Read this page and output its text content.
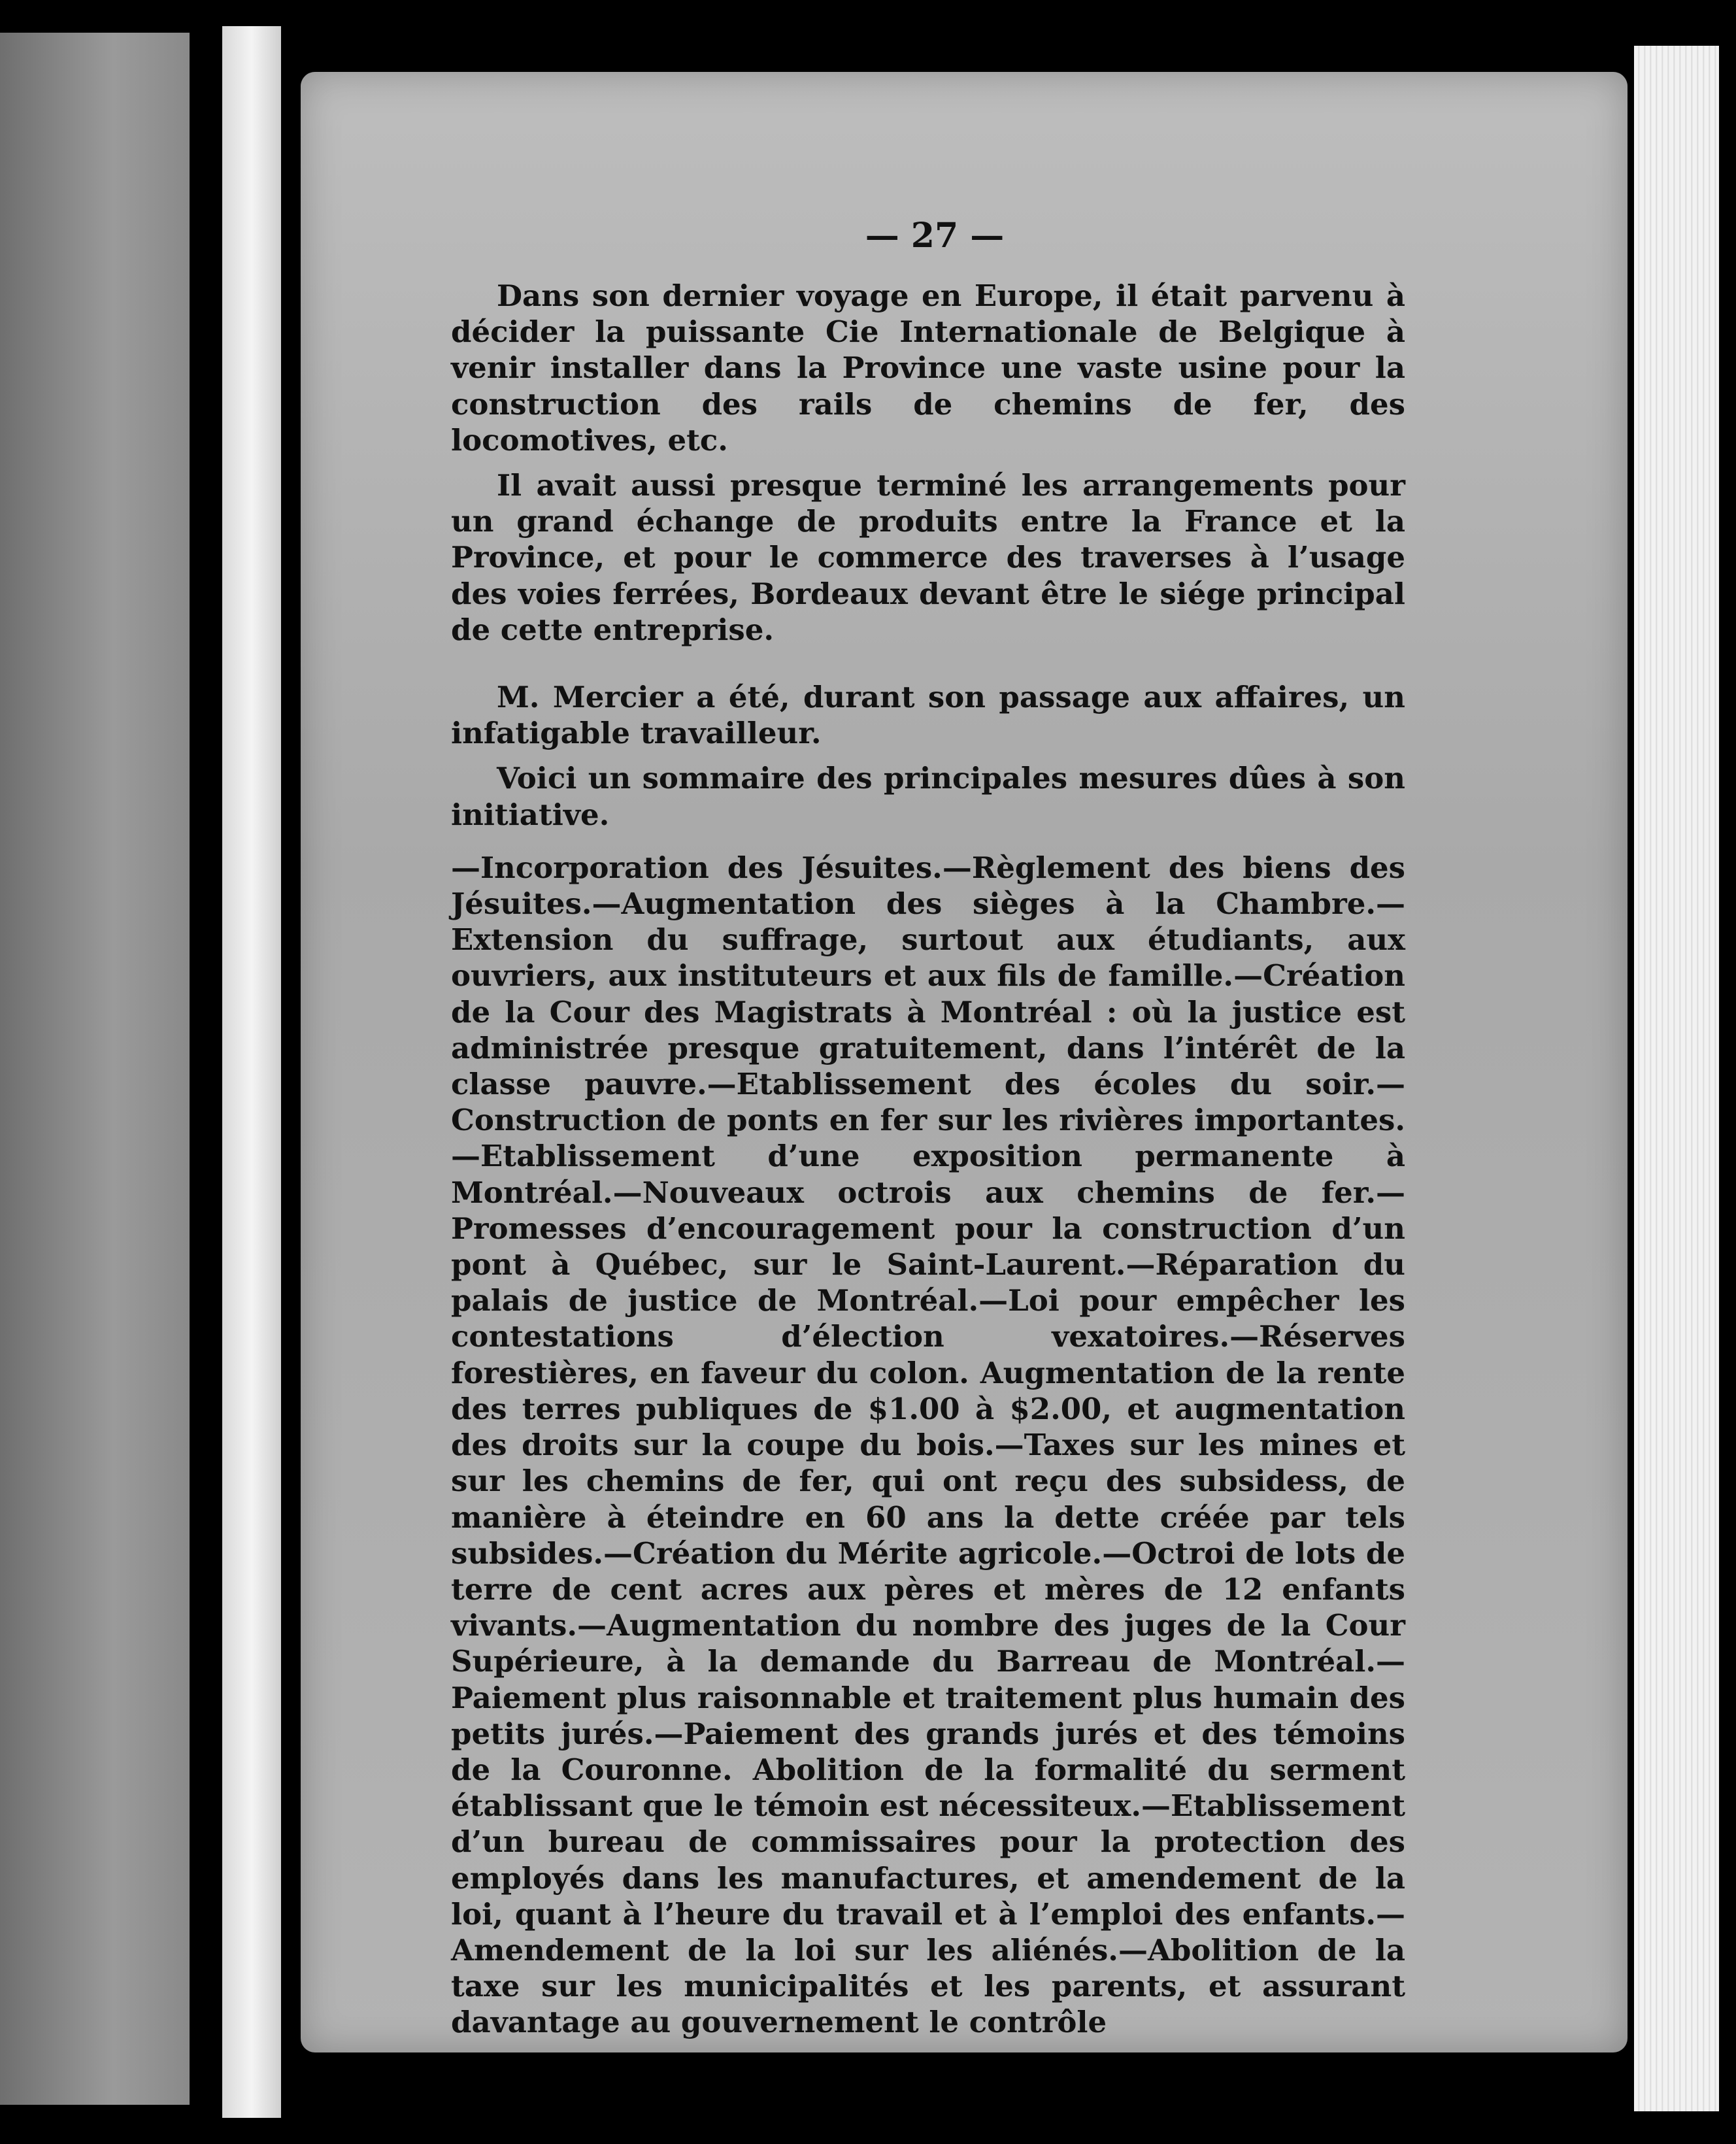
— 27 —

Dans son dernier voyage en Europe, il était parvenu à décider la puissante Cie Internationale de Belgique à venir installer dans la Province une vaste usine pour la construction des rails de chemins de fer, des locomotives, etc.

Il avait aussi presque terminé les arrangements pour un grand échange de produits entre la France et la Province, et pour le commerce des traverses à l’usage des voies ferrées, Bordeaux devant être le siége principal de cette entreprise.

M. Mercier a été, durant son passage aux affaires, un infatigable travailleur.

Voici un sommaire des principales mesures dûes à son initiative.

—Incorporation des Jésuites.—Règlement des biens des Jésuites.—Augmentation des sièges à la Chambre.—Extension du suffrage, surtout aux étudiants, aux ouvriers, aux instituteurs et aux fils de famille.—Création de la Cour des Magistrats à Montréal : où la justice est administrée presque gratuitement, dans l’intérêt de la classe pauvre.—Etablissement des écoles du soir.—Construction de ponts en fer sur les rivières importantes.—Etablissement d’une exposition permanente à Montréal.—Nouveaux octrois aux chemins de fer.—Promesses d’encouragement pour la construction d’un pont à Québec, sur le Saint-Laurent.—Réparation du palais de justice de Montréal.—Loi pour empêcher les contestations d’élection vexatoires.—Réserves forestières, en faveur du colon. Augmentation de la rente des terres publiques de $1.00 à $2.00, et augmentation des droits sur la coupe du bois.—Taxes sur les mines et sur les chemins de fer, qui ont reçu des subsidess, de manière à éteindre en 60 ans la dette créée par tels subsides.—Création du Mérite agricole.—Octroi de lots de terre de cent acres aux pères et mères de 12 enfants vivants.—Augmentation du nombre des juges de la Cour Supérieure, à la demande du Barreau de Montréal.—Paiement plus raisonnable et traitement plus humain des petits jurés.—Paiement des grands jurés et des témoins de la Couronne. Abolition de la formalité du serment établissant que le témoin est nécessiteux.—Etablissement d’un bureau de commissaires pour la protection des employés dans les manufactures, et amendement de la loi, quant à l’heure du travail et à l’emploi des enfants.—Amendement de la loi sur les aliénés.—Abolition de la taxe sur les municipalités et les parents, et assurant davantage au gouvernement le contrôle
